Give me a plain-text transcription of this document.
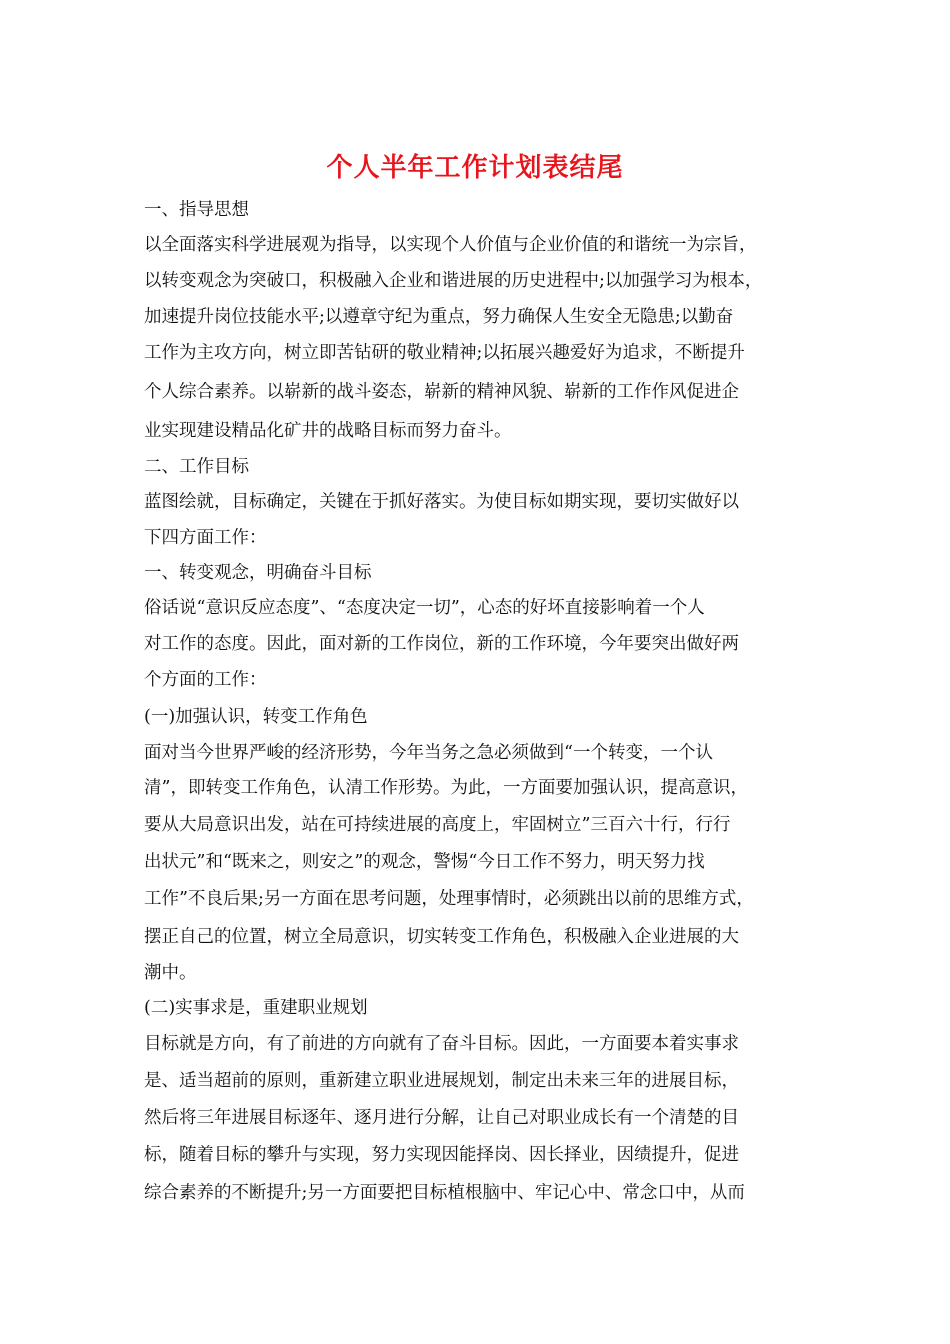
个人半年工作计划表结尾
一、指导思想
以全面落实科学进展观为指导，以实现个人价值与企业价值的和谐统一为宗旨，
以转变观念为突破口，积极融入企业和谐进展的历史进程中;以加强学习为根本，
加速提升岗位技能水平;以遵章守纪为重点，努力确保人生安全无隐患;以勤奋
工作为主攻方向，树立即苦钻研的敬业精神;以拓展兴趣爱好为追求，不断提升
个人综合素养。以崭新的战斗姿态，崭新的精神风貌、崭新的工作作风促进企
业实现建设精品化矿井的战略目标而努力奋斗。
二、工作目标
蓝图绘就，目标确定，关键在于抓好落实。为使目标如期实现，要切实做好以
下四方面工作：
一、转变观念，明确奋斗目标
俗话说“意识反应态度”、“态度决定一切”，心态的好坏直接影响着一个人
对工作的态度。因此，面对新的工作岗位，新的工作环境，今年要突出做好两
个方面的工作：
(一)加强认识，转变工作角色
面对当今世界严峻的经济形势，今年当务之急必须做到“一个转变，一个认
清”，即转变工作角色，认清工作形势。为此，一方面要加强认识，提高意识，
要从大局意识出发，站在可持续进展的高度上，牢固树立”三百六十行，行行
出状元”和“既来之，则安之”的观念，警惕“今日工作不努力，明天努力找
工作”不良后果;另一方面在思考问题，处理事情时，必须跳出以前的思维方式，
摆正自己的位置，树立全局意识，切实转变工作角色，积极融入企业进展的大
潮中。
(二)实事求是，重建职业规划
目标就是方向，有了前进的方向就有了奋斗目标。因此，一方面要本着实事求
是、适当超前的原则，重新建立职业进展规划，制定出未来三年的进展目标，
然后将三年进展目标逐年、逐月进行分解，让自己对职业成长有一个清楚的目
标，随着目标的攀升与实现，努力实现因能择岗、因长择业，因绩提升，促进
综合素养的不断提升;另一方面要把目标植根脑中、牢记心中、常念口中，从而
